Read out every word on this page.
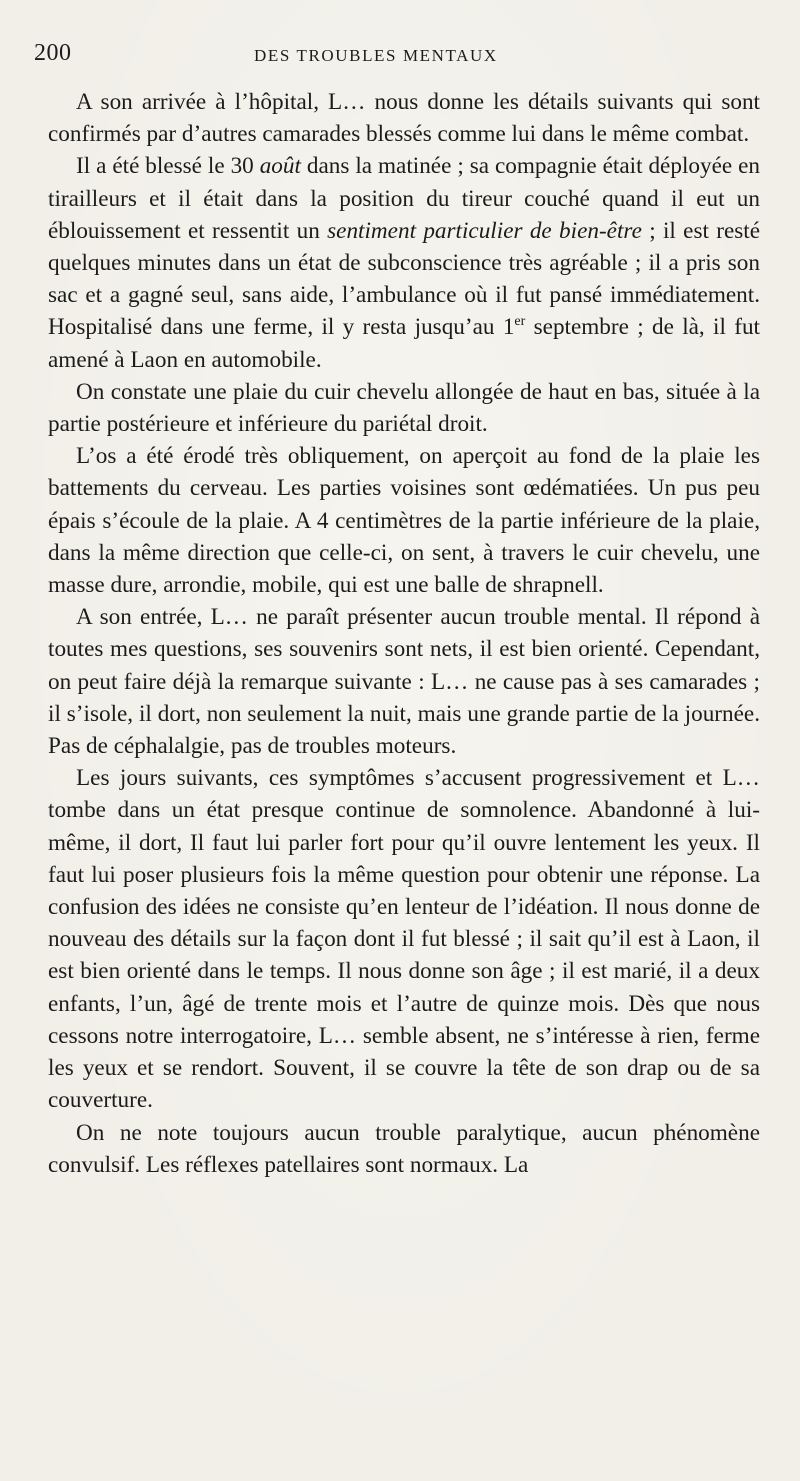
200	DES TROUBLES MENTAUX

A son arrivée à l’hôpital, L… nous donne les détails suivants qui sont confirmés par d’autres camarades blessés comme lui dans le même combat.

Il a été blessé le 30 août dans la matinée ; sa compagnie était déployée en tirailleurs et il était dans la position du tireur couché quand il eut un éblouissement et ressentit un sentiment particulier de bien-être ; il est resté quelques minutes dans un état de subconscience très agréable ; il a pris son sac et a gagné seul, sans aide, l’ambulance où il fut pansé immédiatement. Hospitalisé dans une ferme, il y resta jusqu’au 1er septembre ; de là, il fut amené à Laon en automobile.

On constate une plaie du cuir chevelu allongée de haut en bas, située à la partie postérieure et inférieure du pariétal droit.

L’os a été érodé très obliquement, on aperçoit au fond de la plaie les battements du cerveau. Les parties voisines sont œdématiées. Un pus peu épais s’écoule de la plaie. A 4 centimètres de la partie inférieure de la plaie, dans la même direction que celle-ci, on sent, à travers le cuir chevelu, une masse dure, arrondie, mobile, qui est une balle de shrapnell.

A son entrée, L… ne paraît présenter aucun trouble mental. Il répond à toutes mes questions, ses souvenirs sont nets, il est bien orienté. Cependant, on peut faire déjà la remarque suivante : L… ne cause pas à ses camarades ; il s’isole, il dort, non seulement la nuit, mais une grande partie de la journée. Pas de céphalalgie, pas de troubles moteurs.

Les jours suivants, ces symptômes s’accusent progressivement et L… tombe dans un état presque continue de somnolence. Abandonné à lui-même, il dort, Il faut lui parler fort pour qu’il ouvre lentement les yeux. Il faut lui poser plusieurs fois la même question pour obtenir une réponse. La confusion des idées ne consiste qu’en lenteur de l’idéation. Il nous donne de nouveau des détails sur la façon dont il fut blessé ; il sait qu’il est à Laon, il est bien orienté dans le temps. Il nous donne son âge ; il est marié, il a deux enfants, l’un, âgé de trente mois et l’autre de quinze mois. Dès que nous cessons notre interrogatoire, L… semble absent, ne s’intéresse à rien, ferme les yeux et se rendort. Souvent, il se couvre la tête de son drap ou de sa couverture.

On ne note toujours aucun trouble paralytique, aucun phénomène convulsif. Les réflexes patellaires sont normaux. La
